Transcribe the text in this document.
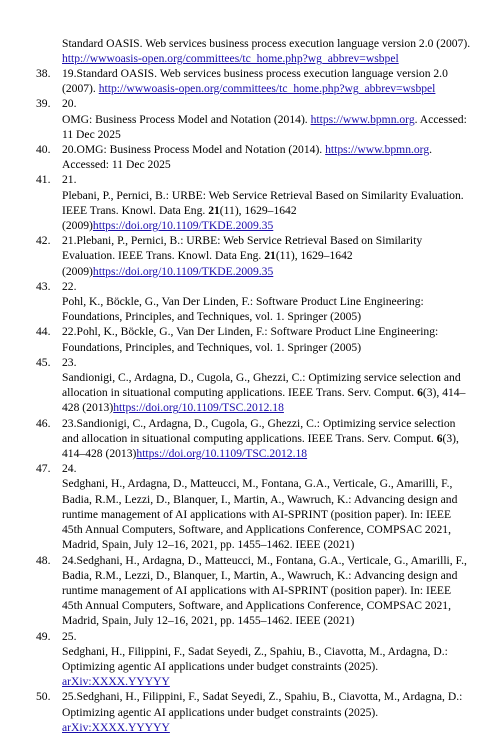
Standard OASIS. Web services business process execution language version 2.0 (2007). http://wwwoasis-open.org/committees/tc_home.php?wg_abbrev=wsbpel
38. 19.Standard OASIS. Web services business process execution language version 2.0 (2007). http://wwwoasis-open.org/committees/tc_home.php?wg_abbrev=wsbpel
39. 20.
OMG: Business Process Model and Notation (2014). https://www.bpmn.org. Accessed: 11 Dec 2025
40. 20.OMG: Business Process Model and Notation (2014). https://www.bpmn.org. Accessed: 11 Dec 2025
41. 21.
Plebani, P., Pernici, B.: URBE: Web Service Retrieval Based on Similarity Evaluation. IEEE Trans. Knowl. Data Eng. 21(11), 1629–1642 (2009)https://doi.org/10.1109/TKDE.2009.35
42. 21.Plebani, P., Pernici, B.: URBE: Web Service Retrieval Based on Similarity Evaluation. IEEE Trans. Knowl. Data Eng. 21(11), 1629–1642 (2009)https://doi.org/10.1109/TKDE.2009.35
43. 22.
Pohl, K., Böckle, G., Van Der Linden, F.: Software Product Line Engineering: Foundations, Principles, and Techniques, vol. 1. Springer (2005)
44. 22.Pohl, K., Böckle, G., Van Der Linden, F.: Software Product Line Engineering: Foundations, Principles, and Techniques, vol. 1. Springer (2005)
45. 23.
Sandionigi, C., Ardagna, D., Cugola, G., Ghezzi, C.: Optimizing service selection and allocation in situational computing applications. IEEE Trans. Serv. Comput. 6(3), 414–428 (2013)https://doi.org/10.1109/TSC.2012.18
46. 23.Sandionigi, C., Ardagna, D., Cugola, G., Ghezzi, C.: Optimizing service selection and allocation in situational computing applications. IEEE Trans. Serv. Comput. 6(3), 414–428 (2013)https://doi.org/10.1109/TSC.2012.18
47. 24.
Sedghani, H., Ardagna, D., Matteucci, M., Fontana, G.A., Verticale, G., Amarilli, F., Badia, R.M., Lezzi, D., Blanquer, I., Martin, A., Wawruch, K.: Advancing design and runtime management of AI applications with AI-SPRINT (position paper). In: IEEE 45th Annual Computers, Software, and Applications Conference, COMPSAC 2021, Madrid, Spain, July 12–16, 2021, pp. 1455–1462. IEEE (2021)
48. 24.Sedghani, H., Ardagna, D., Matteucci, M., Fontana, G.A., Verticale, G., Amarilli, F., Badia, R.M., Lezzi, D., Blanquer, I., Martin, A., Wawruch, K.: Advancing design and runtime management of AI applications with AI-SPRINT (position paper). In: IEEE 45th Annual Computers, Software, and Applications Conference, COMPSAC 2021, Madrid, Spain, July 12–16, 2021, pp. 1455–1462. IEEE (2021)
49. 25.
Sedghani, H., Filippini, F., Sadat Seyedi, Z., Spahiu, B., Ciavotta, M., Ardagna, D.: Optimizing agentic AI applications under budget constraints (2025). arXiv:XXXX.YYYYY
50. 25.Sedghani, H., Filippini, F., Sadat Seyedi, Z., Spahiu, B., Ciavotta, M., Ardagna, D.: Optimizing agentic AI applications under budget constraints (2025). arXiv:XXXX.YYYYY
